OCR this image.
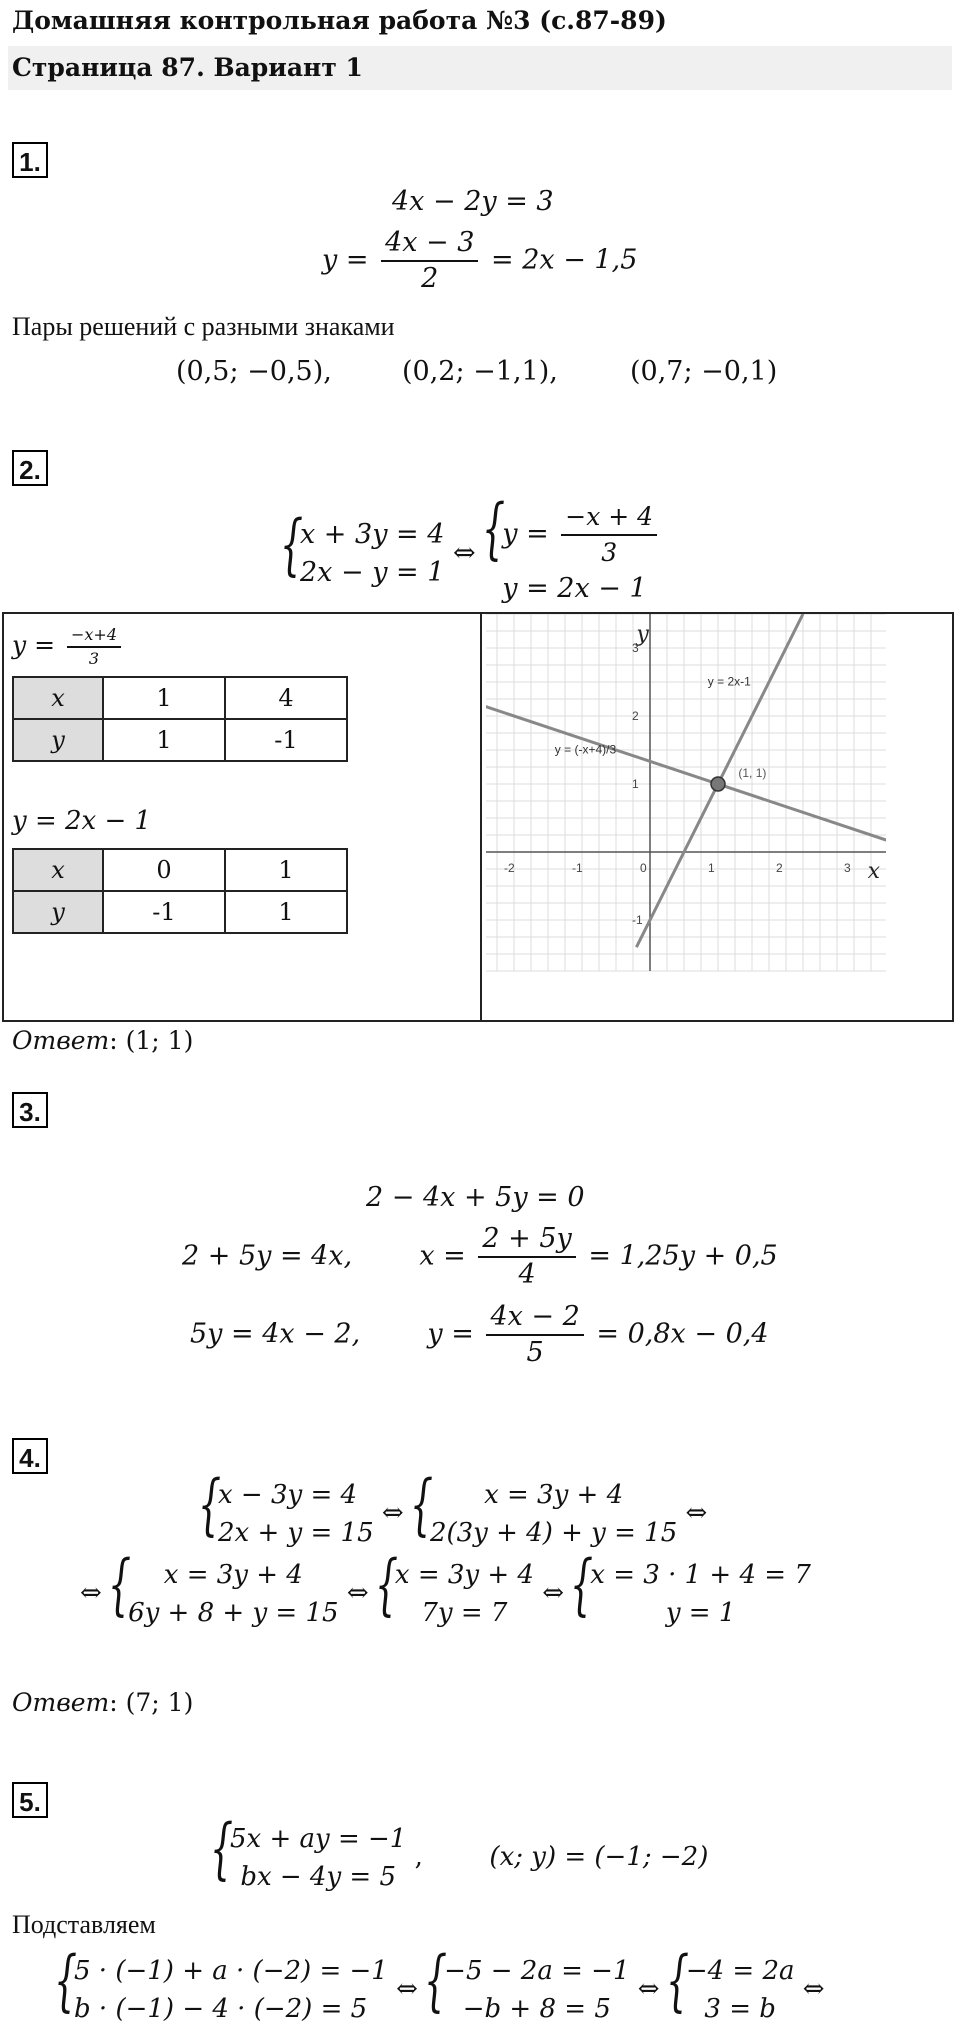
Домашняя контрольная работа №3 (с.87-89)
Страница 87. Вариант 1
1.
4x − 2y = 3
$y = \frac{4x - 3}{2} = 2x - 1,5$
Пары решений с разными знаками
(0,5; −0,5),	(0,2; −1,1),	(0,7; −0,1)
2.
{ x + 3y = 4
2x − y = 1
⇔
{ $y = \frac{-x + 4}{3}$
y = 2x − 1
$y = \frac{-x+4}{3}$
x	1	4
y	1	-1
y = 2x − 1
x	0	1
y	-1	1
-2	-1	0	1	2	3
3
2
1
-1
x
y
y = 2x-1
y = (-x+4)/3
(1, 1)
Ответ: (1; 1)
3.
2 − 4x + 5y = 0
2 + 5y = 4x, $x = \frac{2 + 5y}{4} = 1,25y + 0,5$
5y = 4x − 2, $y = \frac{4x - 2}{5} = 0,8x - 0,4$
4.
{ x − 3y = 4
2x + y = 15
⇔
{ x = 3y + 4
2(3y + 4) + y = 15
⇔
⇔
{ x = 3y + 4
6y + 8 + y = 15
⇔
{ x = 3y + 4
7y = 7
⇔
{ x = 3 · 1 + 4 = 7
y = 1
Ответ: (7; 1)
5.
{ 5x + ay = −1
bx − 4y = 5
,	(x; y) = (−1; −2)
Подставляем
{ 5 · (−1) + a · (−2) = −1
b · (−1) − 4 · (−2) = 5
⇔
{ −5 − 2a = −1
−b + 8 = 5
⇔
{ −4 = 2a
3 = b
⇔
